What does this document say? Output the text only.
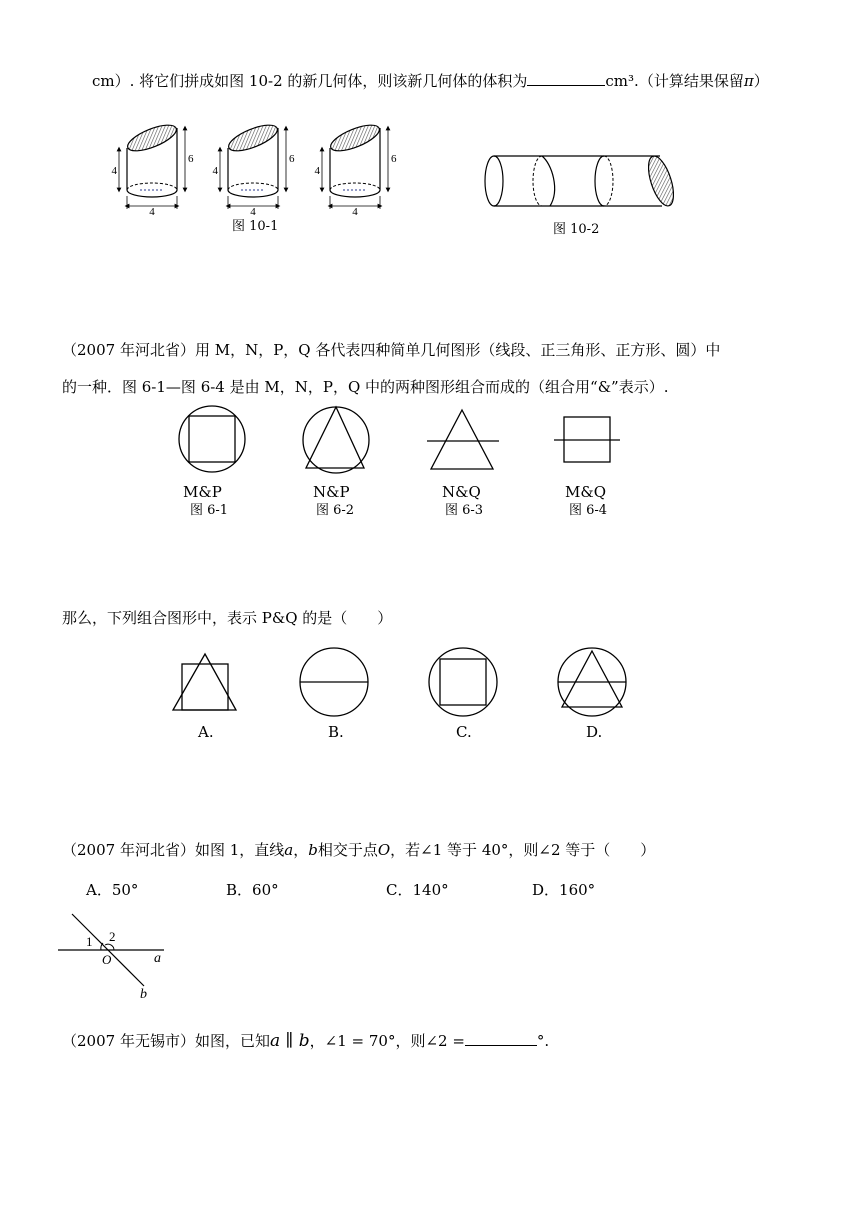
cm）. 将它们拼成如图 10-2 的新几何体，则该新几何体的体积为	cm³.（计算结果保留π）
4
6
4
4
6
4
4
6
4
图 10-1	图 10-2
（2007 年河北省）用 M，N，P，Q 各代表四种简单几何图形（线段、正三角形、正方形、圆）中
的一种．图 6-1—图 6-4 是由 M，N，P，Q 中的两种图形组合而成的（组合用“&”表示）.
M&P
图 6-1
N&P
图 6-2
N&Q
图 6-3
M&Q
图 6-4
那么，下列组合图形中，表示 P&Q 的是（　　）
A.	B.	C.	D.
（2007 年河北省）如图 1，直线a，b相交于点O，若∠1 等于 40°，则∠2 等于（　　）
A．50°	B．60°	C．140°	D．160°
1 2
O	a
b
（2007 年无锡市）如图，已知a ∥ b，∠1 = 70°，则∠2 =	°.
